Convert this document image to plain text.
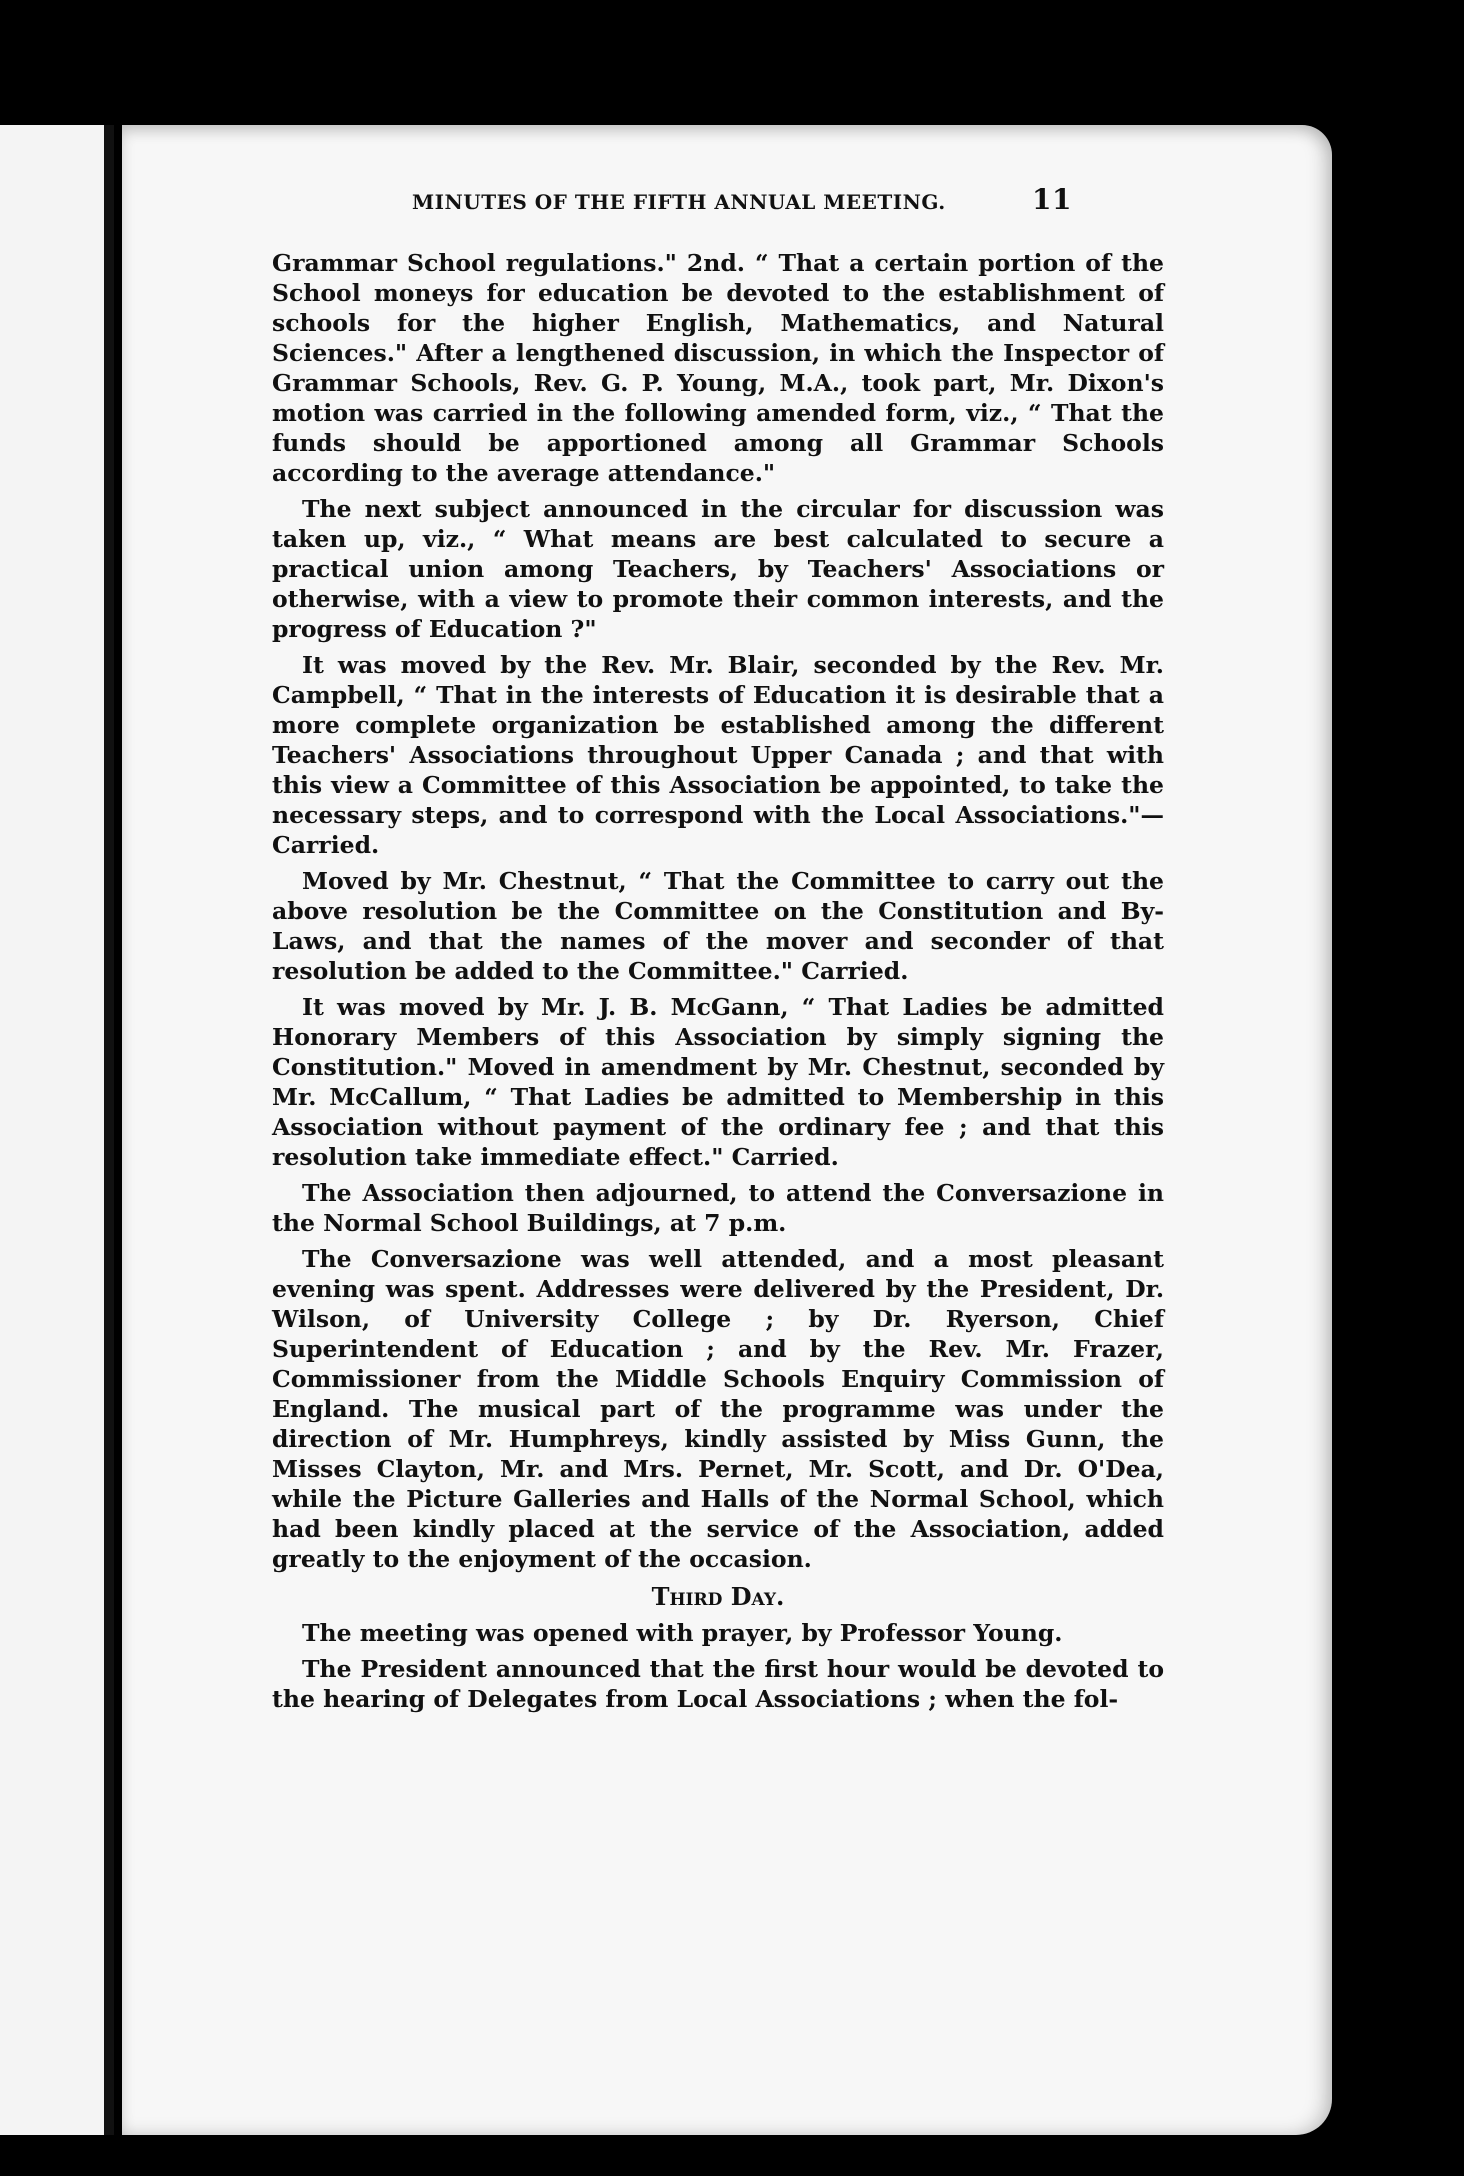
MINUTES OF THE FIFTH ANNUAL MEETING.	11

Grammar School regulations." 2nd. “ That a certain portion of the School moneys for education be devoted to the establishment of schools for the higher English, Mathematics, and Natural Sciences." After a lengthened discussion, in which the Inspector of Grammar Schools, Rev. G. P. Young, M.A., took part, Mr. Dixon's motion was carried in the following amended form, viz., “ That the funds should be apportioned among all Grammar Schools according to the average attendance."

The next subject announced in the circular for discussion was taken up, viz., “ What means are best calculated to secure a practical union among Teachers, by Teachers' Associations or otherwise, with a view to promote their common interests, and the progress of Education ?"

It was moved by the Rev. Mr. Blair, seconded by the Rev. Mr. Campbell, “ That in the interests of Education it is desirable that a more complete organization be established among the different Teachers' Associations throughout Upper Canada ; and that with this view a Committee of this Association be appointed, to take the necessary steps, and to correspond with the Local Associations."— Carried.

Moved by Mr. Chestnut, “ That the Committee to carry out the above resolution be the Committee on the Constitution and By-Laws, and that the names of the mover and seconder of that resolution be added to the Committee." Carried.

It was moved by Mr. J. B. McGann, “ That Ladies be admitted Honorary Members of this Association by simply signing the Constitution." Moved in amendment by Mr. Chestnut, seconded by Mr. McCallum, “ That Ladies be admitted to Membership in this Association without payment of the ordinary fee ; and that this resolution take immediate effect." Carried.

The Association then adjourned, to attend the Conversazione in the Normal School Buildings, at 7 p.m.

The Conversazione was well attended, and a most pleasant evening was spent. Addresses were delivered by the President, Dr. Wilson, of University College ; by Dr. Ryerson, Chief Superintendent of Education ; and by the Rev. Mr. Frazer, Commissioner from the Middle Schools Enquiry Commission of England. The musical part of the programme was under the direction of Mr. Humphreys, kindly assisted by Miss Gunn, the Misses Clayton, Mr. and Mrs. Pernet, Mr. Scott, and Dr. O'Dea, while the Picture Galleries and Halls of the Normal School, which had been kindly placed at the service of the Association, added greatly to the enjoyment of the occasion.

Third Day.

The meeting was opened with prayer, by Professor Young.

The President announced that the first hour would be devoted to the hearing of Delegates from Local Associations ; when the fol-
